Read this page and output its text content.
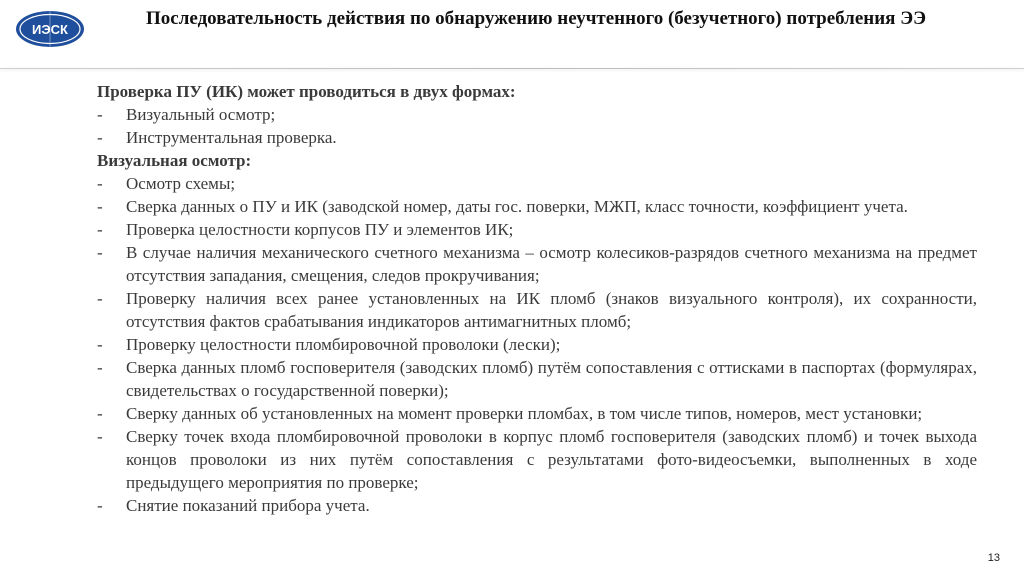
ИЭСК
Последовательность действия по обнаружению неучтенного (безучетного) потребления ЭЭ
Проверка ПУ (ИК) может проводиться в двух формах:
-	Визуальный осмотр;
-	Инструментальная проверка.
Визуальная осмотр:
-	Осмотр схемы;
-	Сверка данных о ПУ и ИК (заводской номер, даты гос. поверки, МЖП, класс точности, коэффициент учета.
-	Проверка целостности корпусов ПУ и элементов ИК;
-	В случае наличия механического счетного механизма – осмотр колесиков-разрядов счетного механизма на предмет отсутствия западания, смещения, следов прокручивания;
-	Проверку наличия всех ранее установленных на ИК пломб (знаков визуального контроля), их сохранности, отсутствия фактов срабатывания индикаторов антимагнитных пломб;
-	Проверку целостности пломбировочной проволоки (лески);
-	Сверка данных пломб госповерителя (заводских пломб) путём сопоставления с оттисками в паспортах (формулярах, свидетельствах о государственной поверки);
-	Сверку данных об установленных на момент проверки пломбах, в том числе типов, номеров, мест установки;
-	Сверку точек входа пломбировочной проволоки в корпус пломб госповерителя (заводских пломб) и точек выхода концов проволоки из них путём сопоставления с результатами фото-видеосъемки, выполненных в ходе предыдущего мероприятия по проверке;
-	Снятие показаний прибора учета.
13
